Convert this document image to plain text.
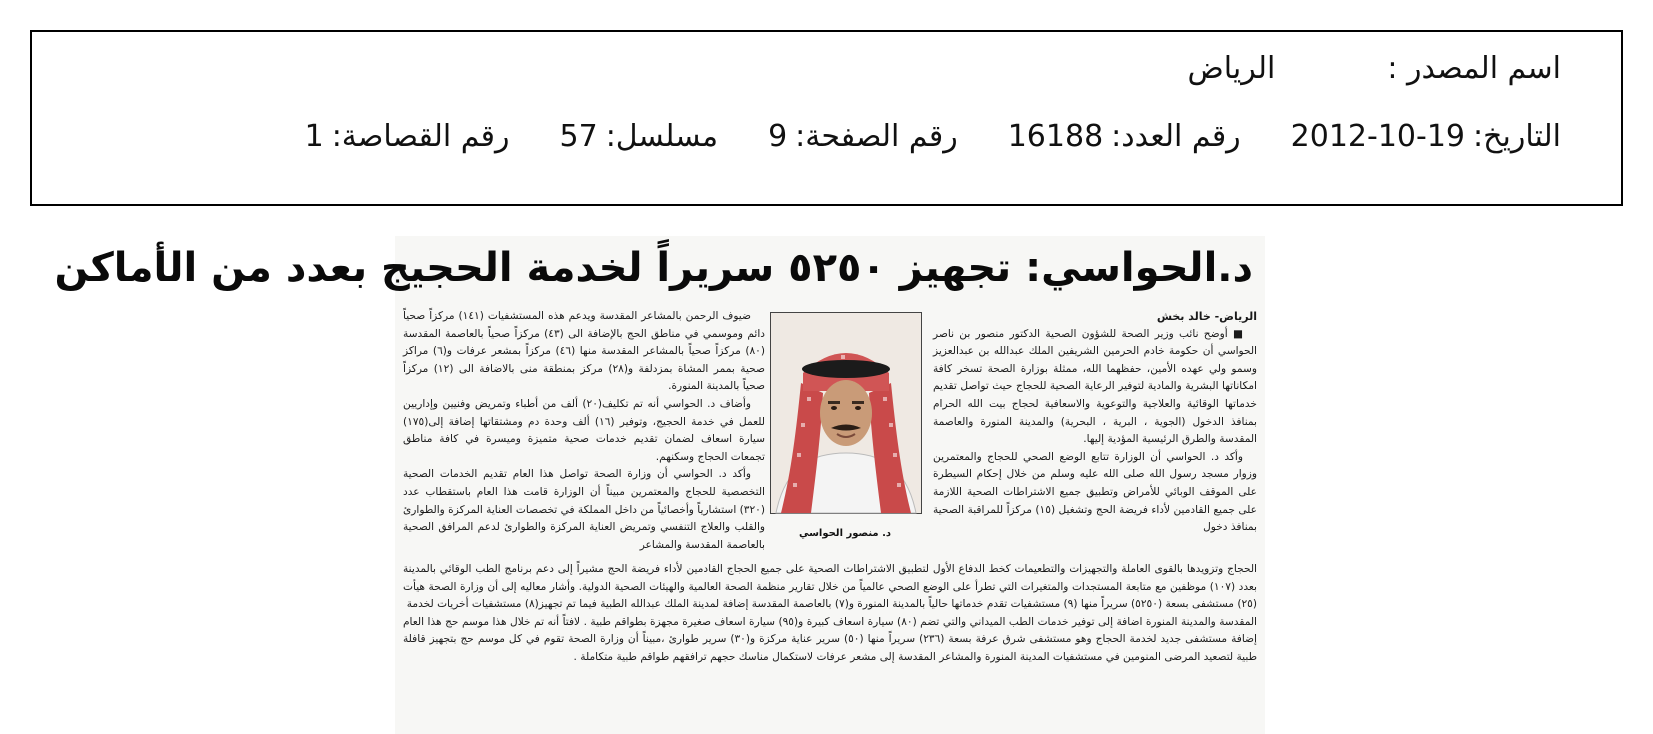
اسم المصدر :
الرياض
التاريخ:
2012-10-19
رقم العدد:
16188
رقم الصفحة:
9
مسلسل:
57
رقم القصاصة:
1
د.الحواسي: تجهيز ٥٢٥٠ سريراً لخدمة الحجيج بعدد من الأماكن

الرياض- خالد بخش

■ أوضح نائب وزير الصحة للشؤون الصحية الدكتور منصور بن ناصر الحواسي أن حكومة خادم الحرمين الشريفين الملك عبدالله بن عبدالعزيز وسمو ولي عهده الأمين، حفظهما الله، ممثلة بوزارة الصحة تسخر كافة امكاناتها البشرية والمادية لتوفير الرعاية الصحية للحجاج حيث تواصل تقديم خدماتها الوقائية والعلاجية والتوعوية والاسعافية لحجاج بيت الله الحرام بمنافذ الدخول (الجوية ، البرية ، البحرية) والمدينة المنورة والعاصمة المقدسة والطرق الرئيسية المؤدية إليها.

وأكد د. الحواسي أن الوزارة تتابع الوضع الصحي للحجاج والمعتمرين وزوار مسجد رسول الله صلى الله عليه وسلم من خلال إحكام السيطرة على الموقف الوبائي للأمراض وتطبيق جميع الاشتراطات الصحية اللازمة على جميع القادمين لأداء فريضة الحج وتشغيل (١٥) مركزاً للمراقبة الصحية بمنافذ دخول

د. منصور الحواسي

ضيوف الرحمن بالمشاعر المقدسة ويدعم هذه المستشفيات (١٤١) مركزاً صحياً دائم وموسمي في مناطق الحج بالإضافة الى (٤٣) مركزاً صحياً بالعاصمة المقدسة (٨٠) مركزاً صحياً بالمشاعر المقدسة منها (٤٦) مركزاً بمشعر عرفات و(٦) مراكز صحية بممر المشاة بمزدلفة و(٢٨) مركز بمنطقة منى بالاضافة الى (١٢) مركزاً صحياً بالمدينة المنورة.

وأضاف د. الحواسي أنه تم تكليف(٢٠) ألف من أطباء وتمريض وفنيين وإداريين للعمل في خدمة الحجيج، وتوفير (١٦) ألف وحدة دم ومشتقاتها إضافة إلى(١٧٥) سيارة اسعاف لضمان تقديم خدمات صحية متميزة وميسرة في كافة مناطق تجمعات الحجاج وسكنهم.

وأكد د. الحواسي أن وزارة الصحة تواصل هذا العام تقديم الخدمات الصحية التخصصية للحجاج والمعتمرين مبيناً أن الوزارة قامت هذا العام باستقطاب عدد (٣٢٠) استشارياً وأخصائياً من داخل المملكة في تخصصات العناية المركزة والطوارئ والقلب والعلاج التنفسي وتمريض العناية المركزة والطوارئ لدعم المرافق الصحية بالعاصمة المقدسة والمشاعر

الحجاج وتزويدها بالقوى العاملة والتجهيزات والتطعيمات كخط الدفاع الأول لتطبيق الاشتراطات الصحية على جميع الحجاج القادمين لأداء فريضة الحج مشيراً إلى دعم برنامج الطب الوقائي بالمدينة بعدد (١٠٧) موظفين مع متابعة المستجدات والمتغيرات التي تطرأ على الوضع الصحي عالمياً من خلال تقارير منظمة الصحة العالمية والهيئات الصحية الدولية. وأشار معاليه إلى أن وزارة الصحة هيأت (٢٥) مستشفى بسعة (٥٢٥٠) سريراً منها (٩) مستشفيات تقدم خدماتها حالياً بالمدينة المنورة و(٧) بالعاصمة المقدسة إضافة لمدينة الملك عبدالله الطبية فيما تم تجهيز(٨) مستشفيات أخريات لخدمة

المقدسة والمدينة المنورة اضافة إلى توفير خدمات الطب الميداني والتي تضم (٨٠) سيارة اسعاف كبيرة و(٩٥) سيارة اسعاف صغيرة مجهزة بطواقم طبية . لافتاً أنه تم خلال هذا موسم حج هذا العام إضافة مستشفى جديد لخدمة الحجاج وهو مستشفى شرق عرفة بسعة (٢٣٦) سريراً منها (٥٠) سرير عناية مركزة و(٣٠) سرير طوارئ ،مبيناً أن وزارة الصحة تقوم في كل موسم حج بتجهيز قافلة طبية لتصعيد المرضى المنومين في مستشفيات المدينة المنورة والمشاعر المقدسة إلى مشعر عرفات لاستكمال مناسك حجهم ترافقهم طواقم طبية متكاملة .
